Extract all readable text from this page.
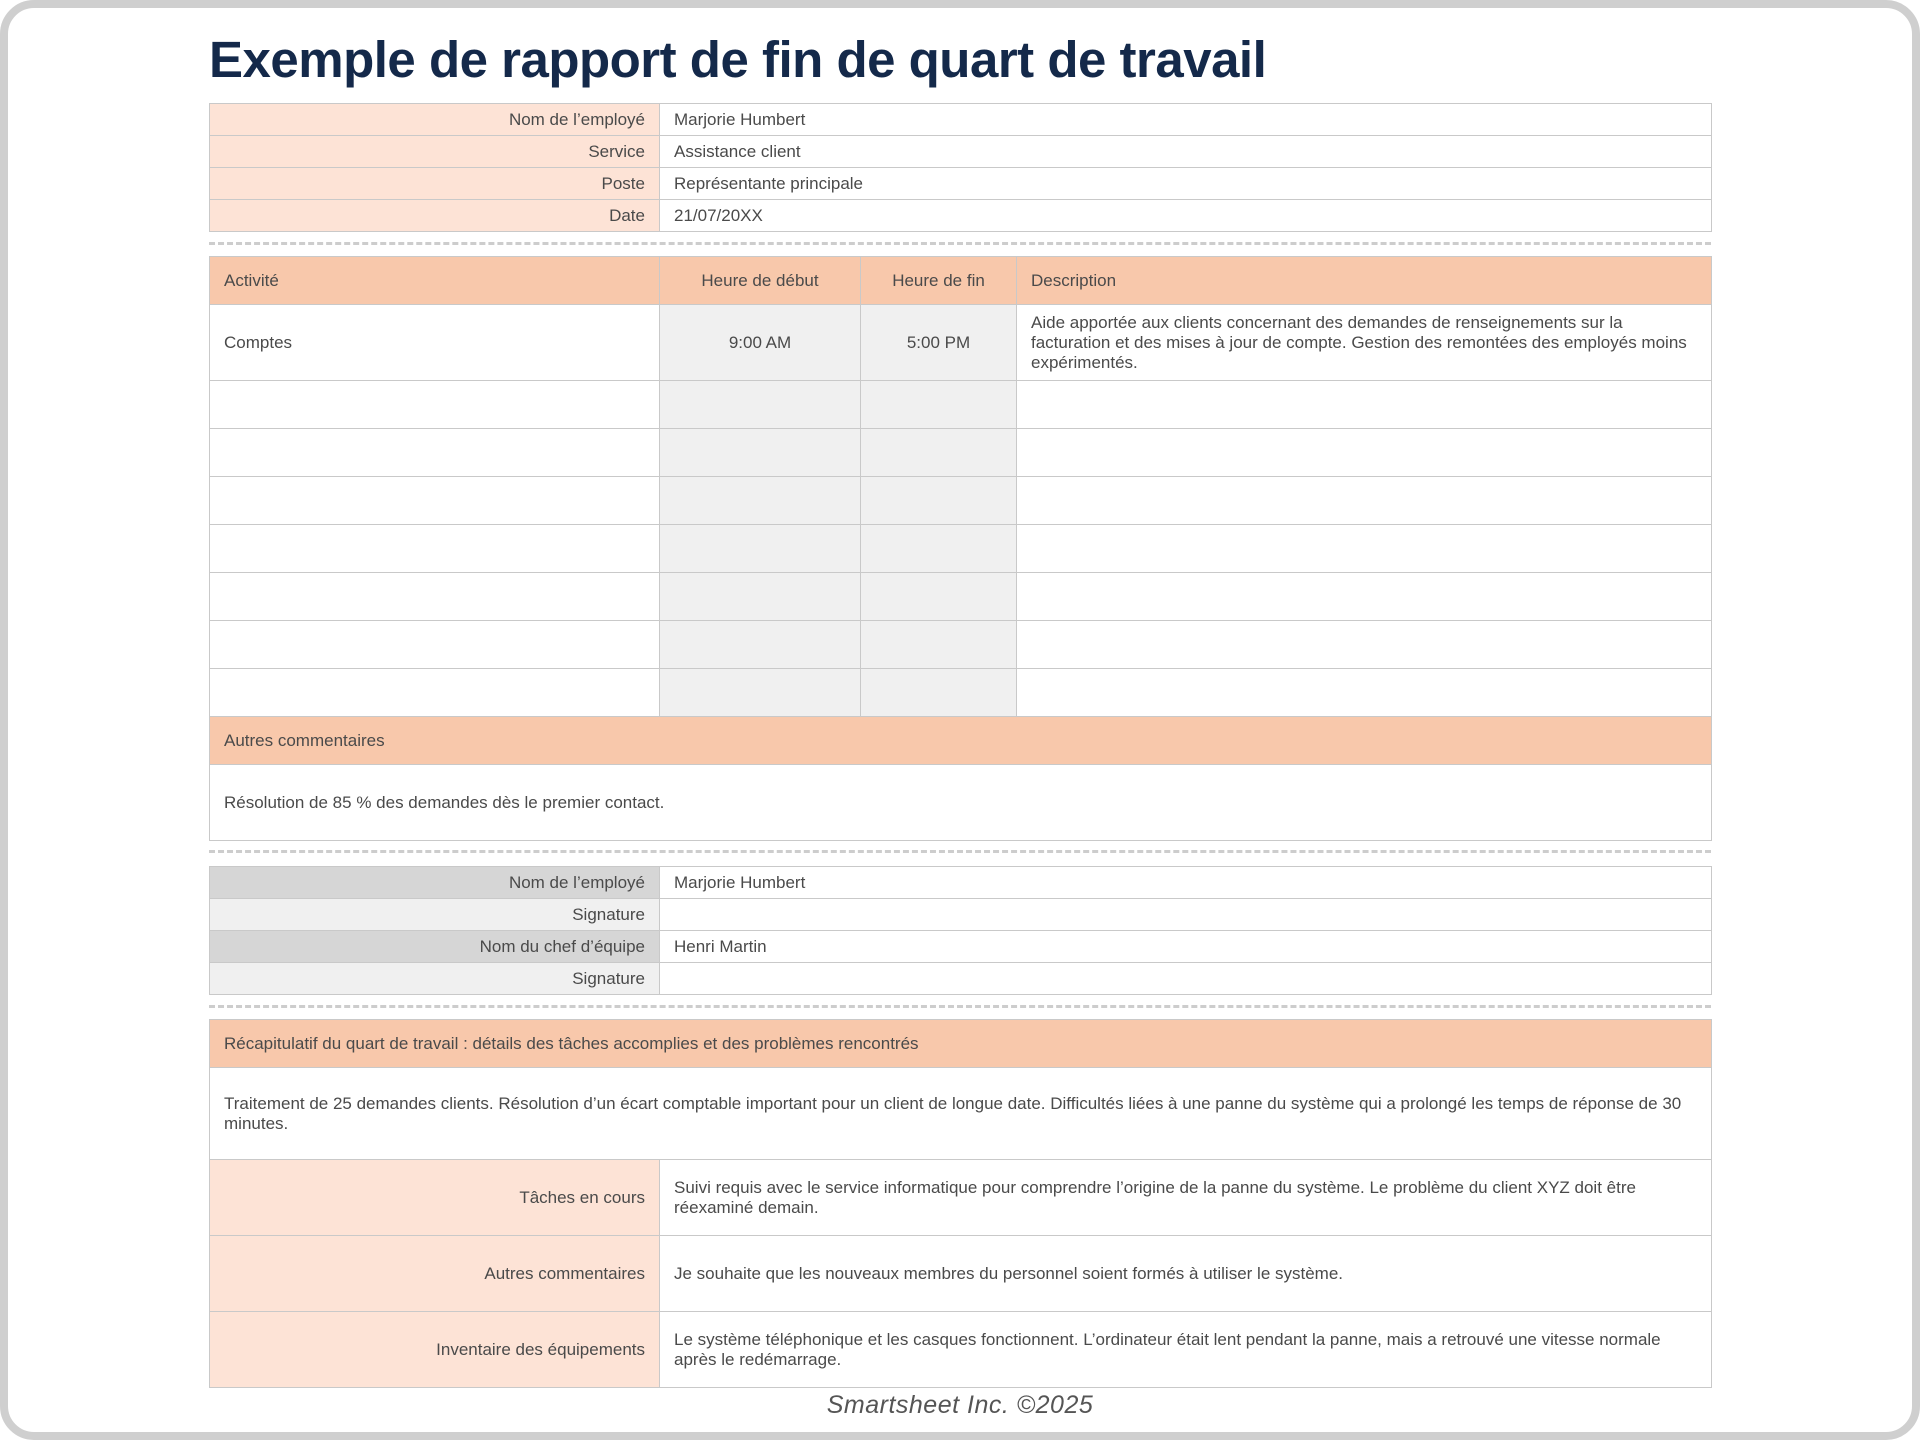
Exemple de rapport de fin de quart de travail
Nom de l’employé	Marjorie Humbert
Service	Assistance client
Poste	Représentante principale
Date	21/07/20XX
Activité	Heure de début	Heure de fin	Description
Comptes	9:00 AM	5:00 PM	Aide apportée aux clients concernant des demandes de renseignements sur la facturation et des mises à jour de compte. Gestion des remontées des employés moins expérimentés.

Autres commentaires			
Résolution de 85 % des demandes dès le premier contact.			
Nom de l’employé	Marjorie Humbert
Signature	
Nom du chef d’équipe	Henri Martin
Signature	
Récapitulatif du quart de travail : détails des tâches accomplies et des problèmes rencontrés	
Traitement de 25 demandes clients. Résolution d’un écart comptable important pour un client de longue date. Difficultés liées à une panne du système qui a prolongé les temps de réponse de 30 minutes.	
Tâches en cours	Suivi requis avec le service informatique pour comprendre l’origine de la panne du système. Le problème du client XYZ doit être réexaminé demain.
Autres commentaires	Je souhaite que les nouveaux membres du personnel soient formés à utiliser le système.
Inventaire des équipements	Le système téléphonique et les casques fonctionnent. L’ordinateur était lent pendant la panne, mais a retrouvé une vitesse normale après le redémarrage.
Smartsheet Inc. ©2025
